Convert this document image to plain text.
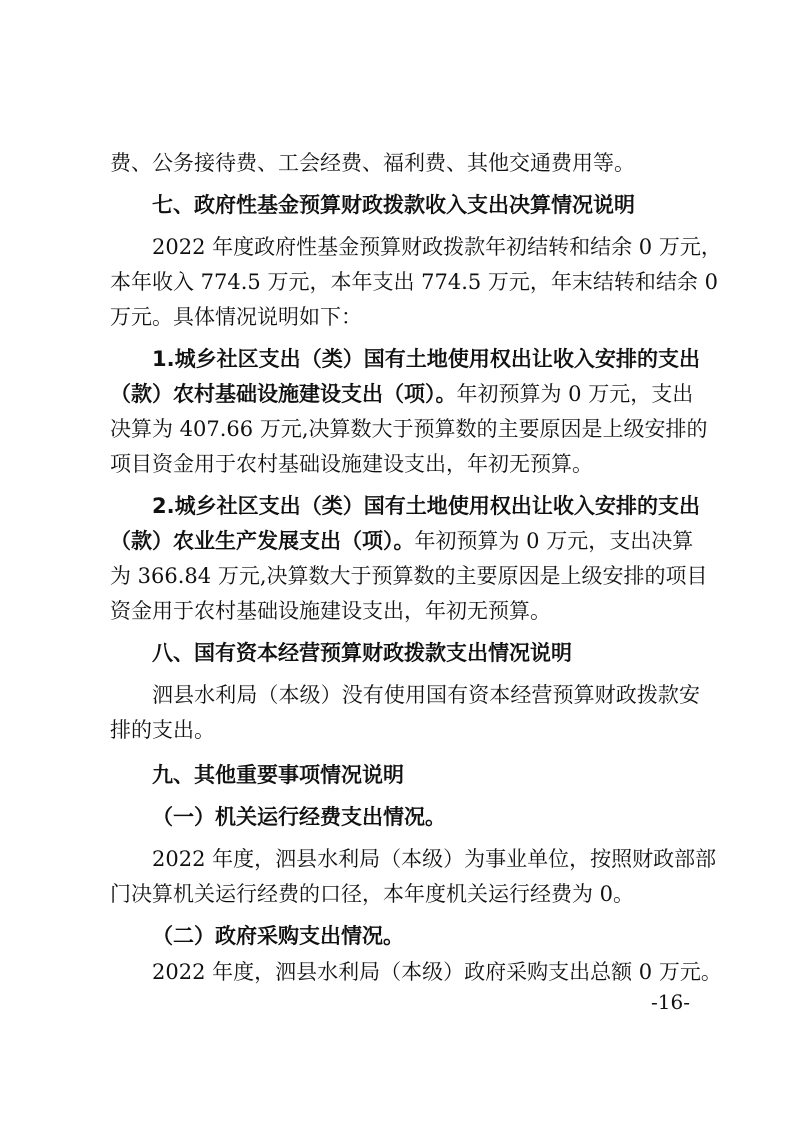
费、公务接待费、工会经费、福利费、其他交通费用等。
七、政府性基金预算财政拨款收入支出决算情况说明
2022 年度政府性基金预算财政拨款年初结转和结余 0 万元，
本年收入 774.5 万元，本年支出 774.5 万元，年末结转和结余 0
万元。具体情况说明如下：
1.城乡社区支出（类）国有土地使用权出让收入安排的支出
（款）农村基础设施建设支出（项）。年初预算为 0 万元，支出
决算为 407.66 万元,决算数大于预算数的主要原因是上级安排的
项目资金用于农村基础设施建设支出，年初无预算。
2.城乡社区支出（类）国有土地使用权出让收入安排的支出
（款）农业生产发展支出（项）。年初预算为 0 万元，支出决算
为 366.84 万元,决算数大于预算数的主要原因是上级安排的项目
资金用于农村基础设施建设支出，年初无预算。
八、国有资本经营预算财政拨款支出情况说明
泗县水利局（本级）没有使用国有资本经营预算财政拨款安
排的支出。
九、其他重要事项情况说明
（一）机关运行经费支出情况。
2022 年度，泗县水利局（本级）为事业单位，按照财政部部
门决算机关运行经费的口径，本年度机关运行经费为 0。
（二）政府采购支出情况。
2022 年度，泗县水利局（本级）政府采购支出总额 0 万元。
-16-
